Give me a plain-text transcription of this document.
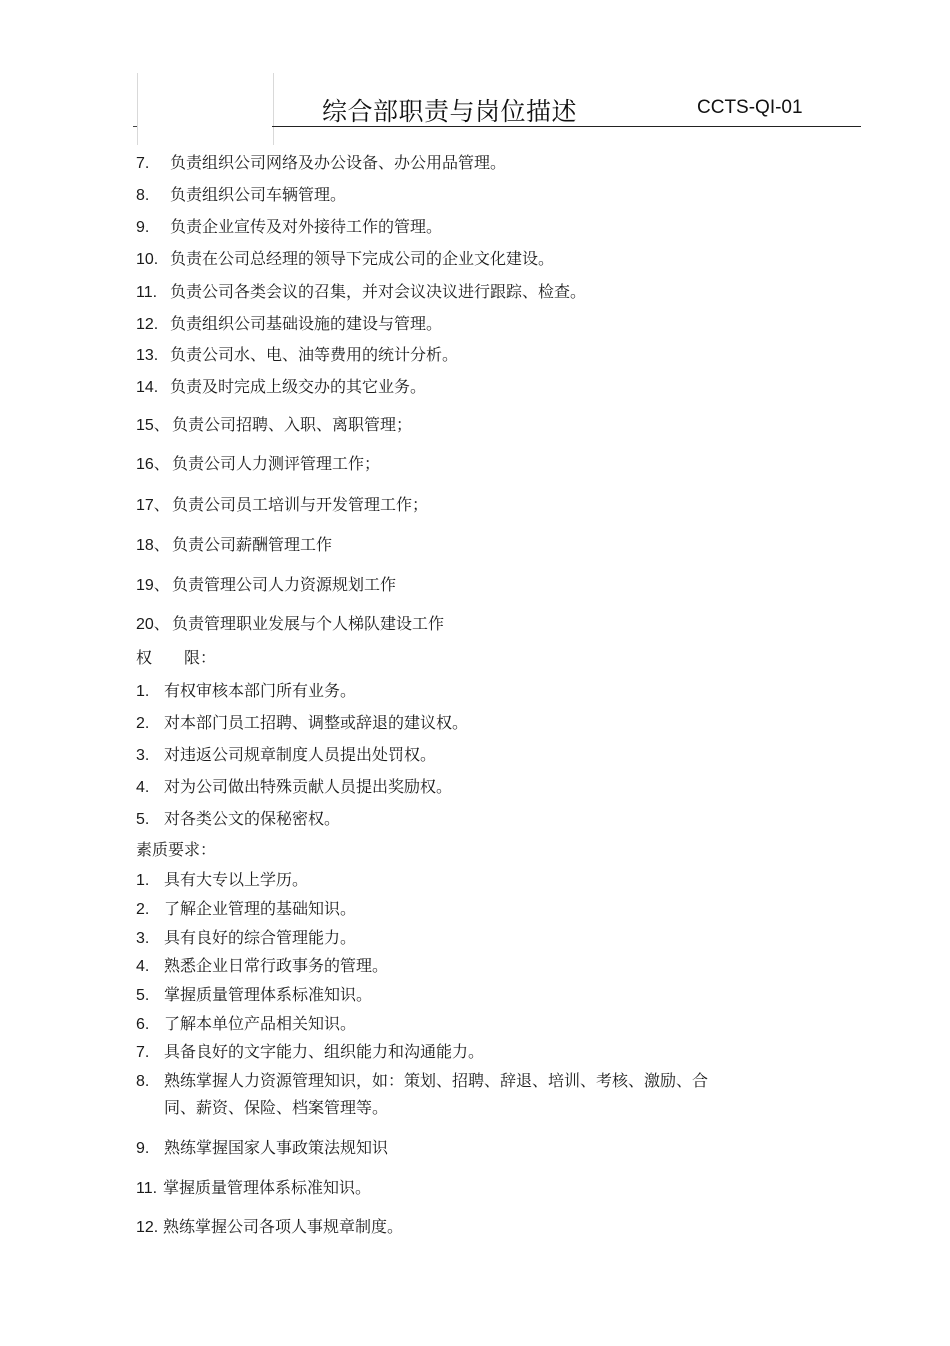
综合部职责与岗位描述	CCTS-QI-01
7. 负责组织公司网络及办公设备、办公用品管理。
8. 负责组织公司车辆管理。
9. 负责企业宣传及对外接待工作的管理。
10. 负责在公司总经理的领导下完成公司的企业文化建设。
11. 负责公司各类会议的召集，并对会议决议进行跟踪、检查。
12. 负责组织公司基础设施的建设与管理。
13. 负责公司水、电、油等费用的统计分析。
14. 负责及时完成上级交办的其它业务。
15、 负责公司招聘、入职、离职管理；
16、 负责公司人力测评管理工作；
17、 负责公司员工培训与开发管理工作；
18、 负责公司薪酬管理工作
19、 负责管理公司人力资源规划工作
20、 负责管理职业发展与个人梯队建设工作
权 限：
1. 有权审核本部门所有业务。
2. 对本部门员工招聘、调整或辞退的建议权。
3. 对违返公司规章制度人员提出处罚权。
4. 对为公司做出特殊贡献人员提出奖励权。
5. 对各类公文的保秘密权。
素质要求：
1. 具有大专以上学历。
2. 了解企业管理的基础知识。
3. 具有良好的综合管理能力。
4. 熟悉企业日常行政事务的管理。
5. 掌握质量管理体系标准知识。
6. 了解本单位产品相关知识。
7. 具备良好的文字能力、组织能力和沟通能力。
8. 熟练掌握人力资源管理知识，如：策划、招聘、辞退、培训、考核、激励、合
同、薪资、保险、档案管理等。
9. 熟练掌握国家人事政策法规知识
11. 掌握质量管理体系标准知识。
12. 熟练掌握公司各项人事规章制度。
